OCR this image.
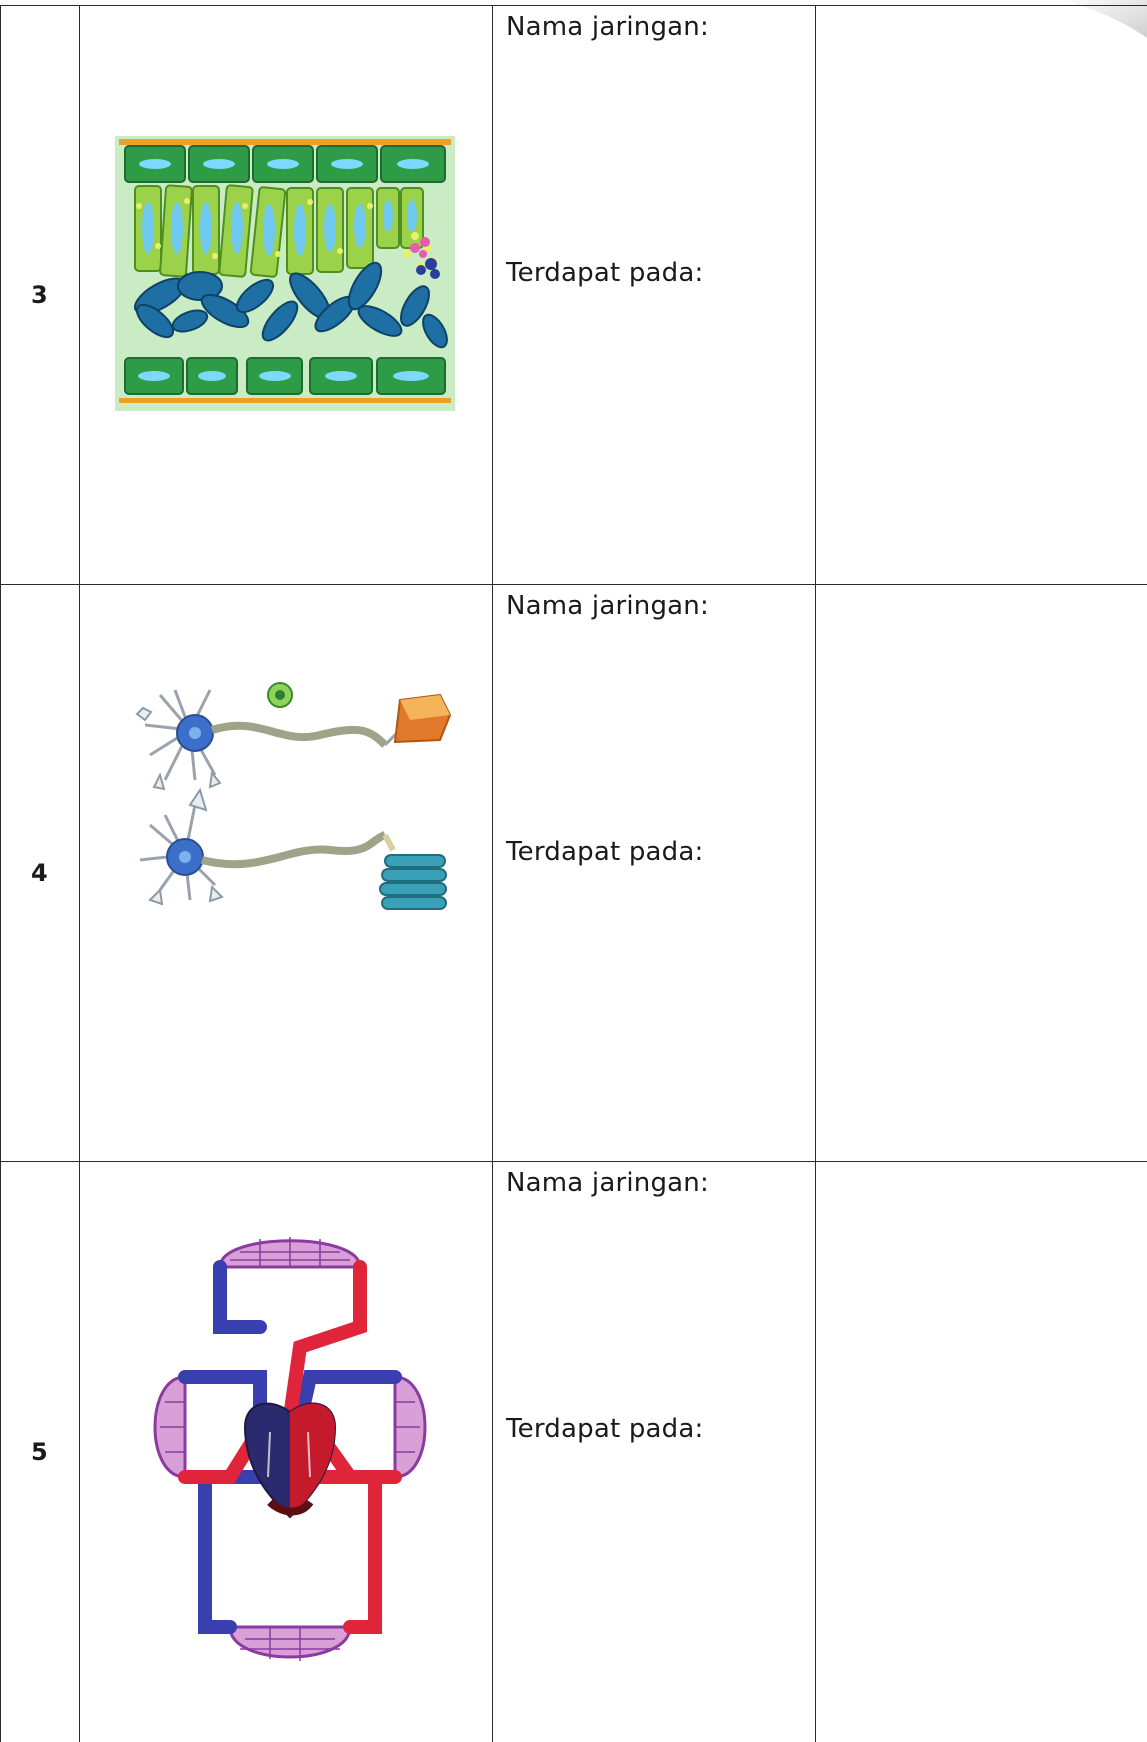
3		Nama jaringan:
Terdapat pada:	

4		Nama jaringan:
Terdapat pada:	

5		Nama jaringan:
Terdapat pada:	
